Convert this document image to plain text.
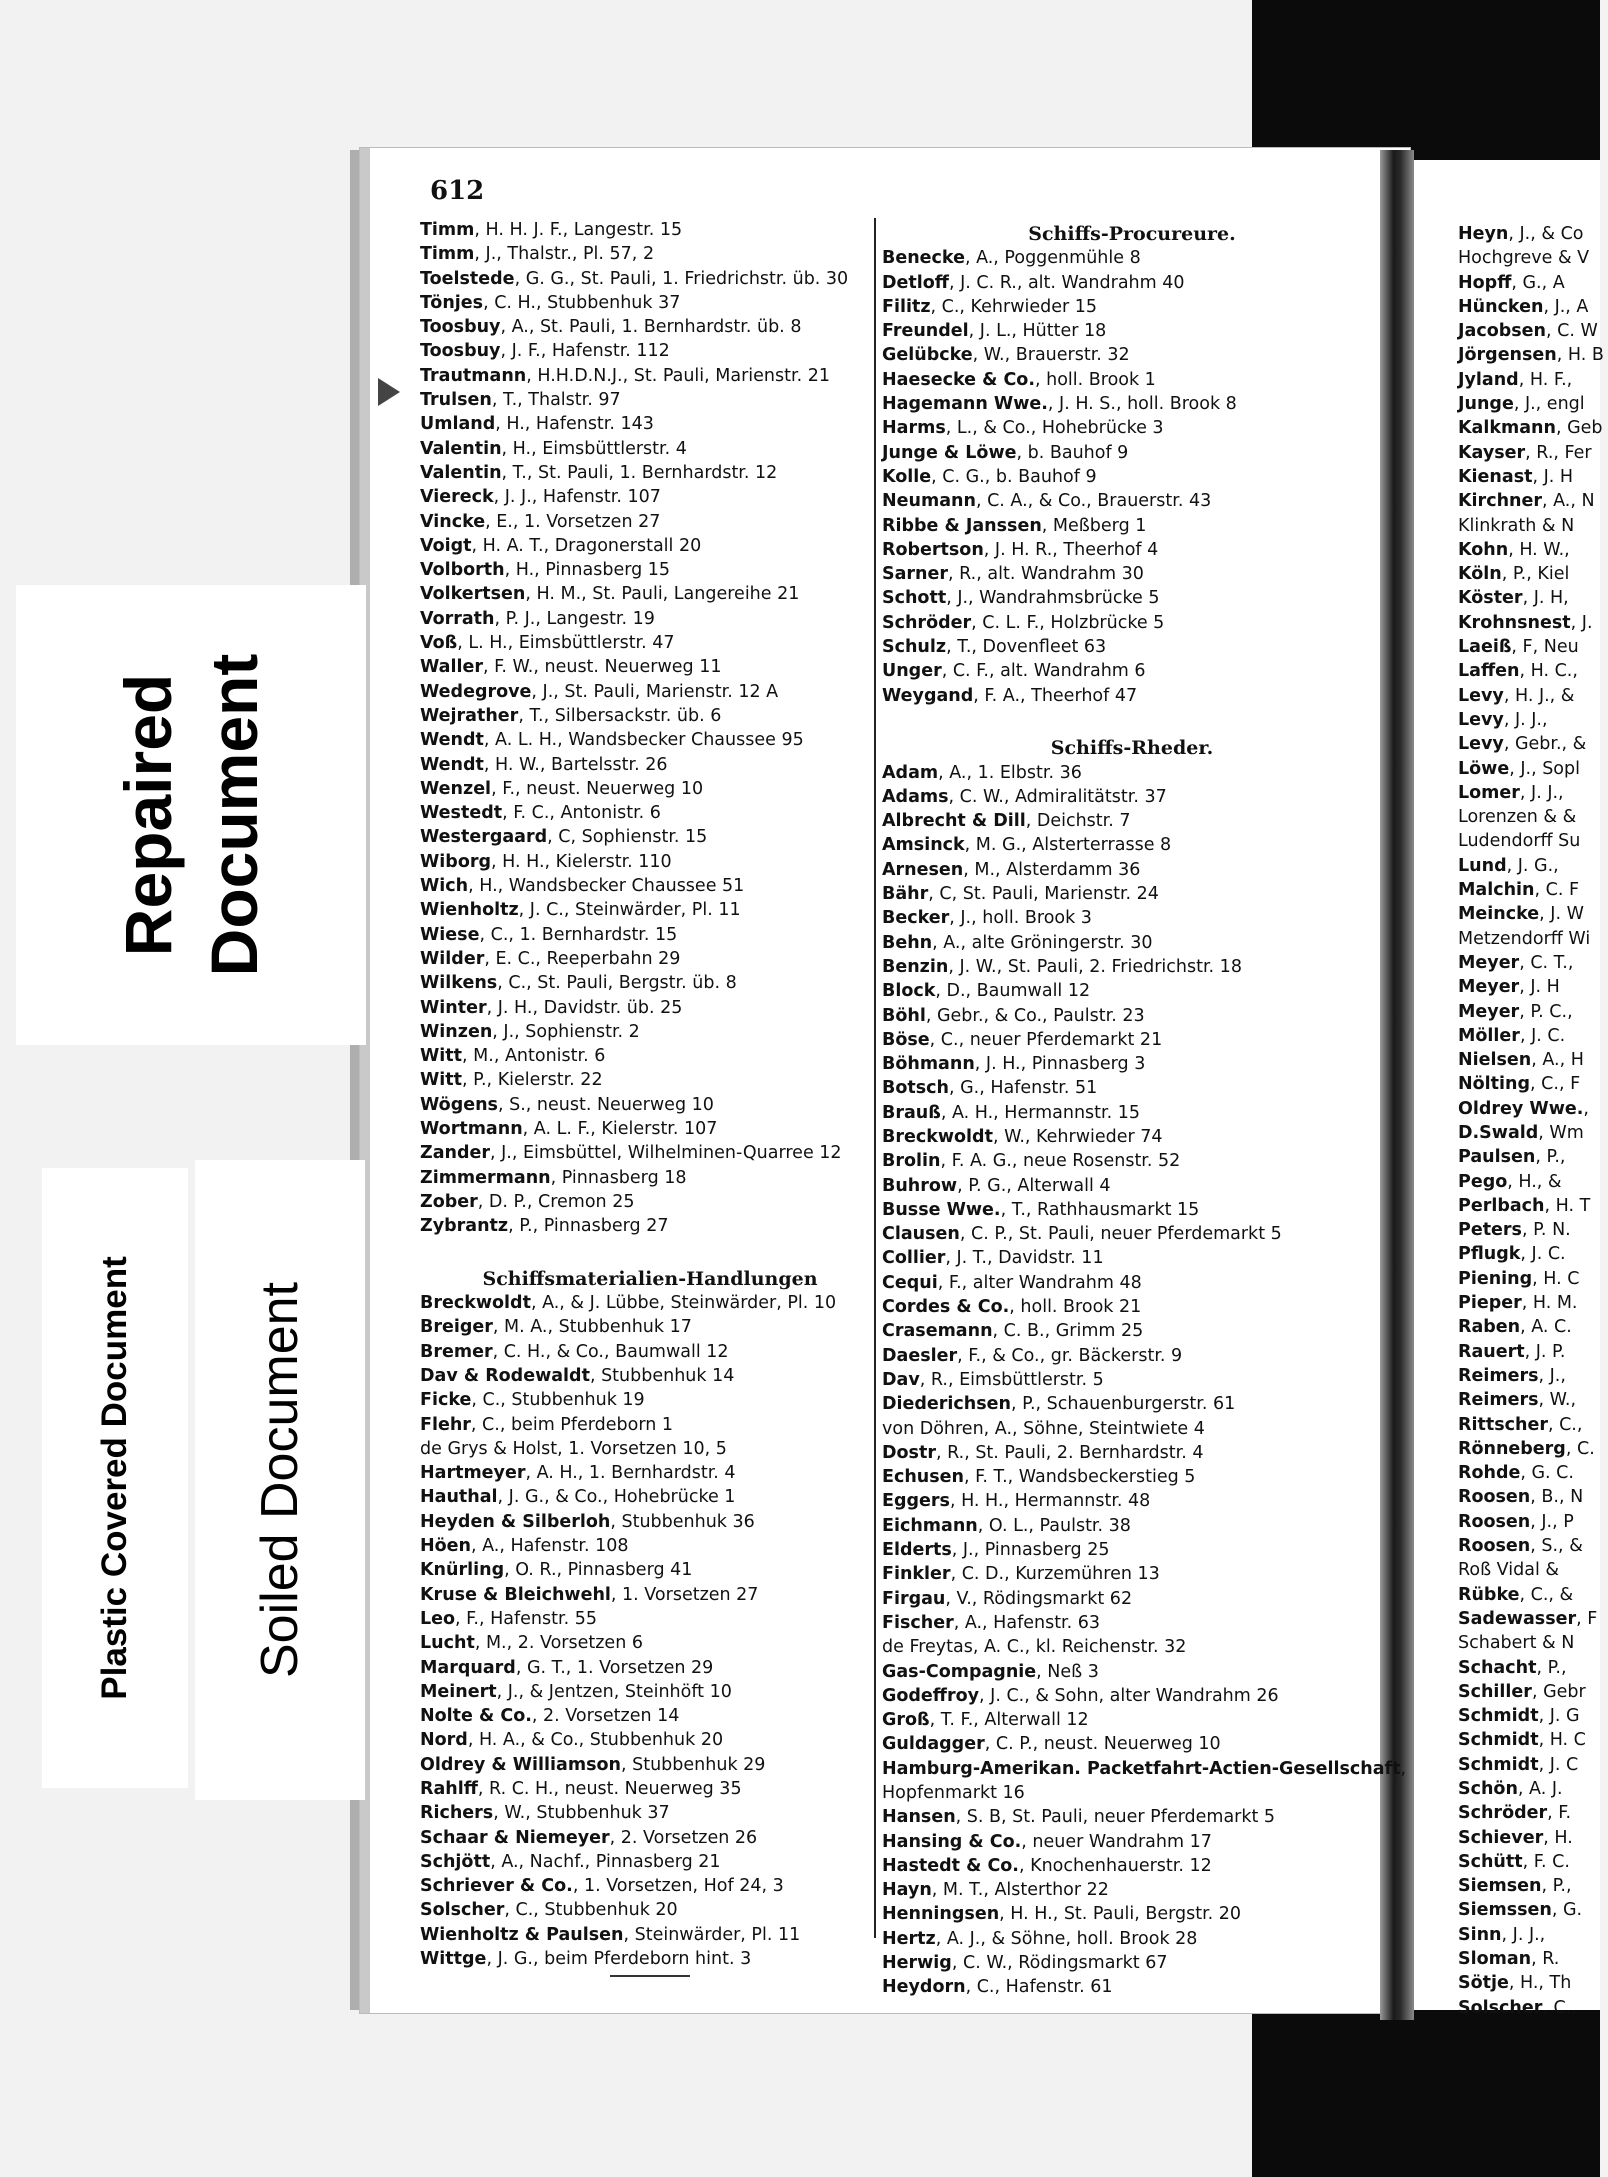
612
Timm, H. H. J. F., Langestr. 15
Timm, J., Thalstr., Pl. 57, 2
Toelstede, G. G., St. Pauli, 1. Friedrichstr. üb. 30
Tönjes, C. H., Stubbenhuk 37
Toosbuy, A., St. Pauli, 1. Bernhardstr. üb. 8
Toosbuy, J. F., Hafenstr. 112
Trautmann, H.H.D.N.J., St. Pauli, Marienstr. 21
Trulsen, T., Thalstr. 97
Umland, H., Hafenstr. 143
Valentin, H., Eimsbüttlerstr. 4
Valentin, T., St. Pauli, 1. Bernhardstr. 12
Viereck, J. J., Hafenstr. 107
Vincke, E., 1. Vorsetzen 27
Voigt, H. A. T., Dragonerstall 20
Volborth, H., Pinnasberg 15
Volkertsen, H. M., St. Pauli, Langereihe 21
Vorrath, P. J., Langestr. 19
Voß, L. H., Eimsbüttlerstr. 47
Waller, F. W., neust. Neuerweg 11
Wedegrove, J., St. Pauli, Marienstr. 12 A
Wejrather, T., Silbersackstr. üb. 6
Wendt, A. L. H., Wandsbecker Chaussee 95
Wendt, H. W., Bartelsstr. 26
Wenzel, F., neust. Neuerweg 10
Westedt, F. C., Antonistr. 6
Westergaard, C, Sophienstr. 15
Wiborg, H. H., Kielerstr. 110
Wich, H., Wandsbecker Chaussee 51
Wienholtz, J. C., Steinwärder, Pl. 11
Wiese, C., 1. Bernhardstr. 15
Wilder, E. C., Reeperbahn 29
Wilkens, C., St. Pauli, Bergstr. üb. 8
Winter, J. H., Davidstr. üb. 25
Winzen, J., Sophienstr. 2
Witt, M., Antonistr. 6
Witt, P., Kielerstr. 22
Wögens, S., neust. Neuerweg 10
Wortmann, A. L. F., Kielerstr. 107
Zander, J., Eimsbüttel, Wilhelminen-Quarree 12
Zimmermann, Pinnasberg 18
Zober, D. P., Cremon 25
Zybrantz, P., Pinnasberg 27
Schiffsmaterialien-Handlungen
Breckwoldt, A., & J. Lübbe, Steinwärder, Pl. 10
Breiger, M. A., Stubbenhuk 17
Bremer, C. H., & Co., Baumwall 12
Dav & Rodewaldt, Stubbenhuk 14
Ficke, C., Stubbenhuk 19
Flehr, C., beim Pferdeborn 1
de Grys & Holst, 1. Vorsetzen 10, 5
Hartmeyer, A. H., 1. Bernhardstr. 4
Hauthal, J. G., & Co., Hohebrücke 1
Heyden & Silberloh, Stubbenhuk 36
Höen, A., Hafenstr. 108
Knürling, O. R., Pinnasberg 41
Kruse & Bleichwehl, 1. Vorsetzen 27
Leo, F., Hafenstr. 55
Lucht, M., 2. Vorsetzen 6
Marquard, G. T., 1. Vorsetzen 29
Meinert, J., & Jentzen, Steinhöft 10
Nolte & Co., 2. Vorsetzen 14
Nord, H. A., & Co., Stubbenhuk 20
Oldrey & Williamson, Stubbenhuk 29
Rahlff, R. C. H., neust. Neuerweg 35
Richers, W., Stubbenhuk 37
Schaar & Niemeyer, 2. Vorsetzen 26
Schjött, A., Nachf., Pinnasberg 21
Schriever & Co., 1. Vorsetzen, Hof 24, 3
Solscher, C., Stubbenhuk 20
Wienholtz & Paulsen, Steinwärder, Pl. 11
Wittge, J. G., beim Pferdeborn hint. 3
Schiffs-Procureure.
Benecke, A., Poggenmühle 8
Detloff, J. C. R., alt. Wandrahm 40
Filitz, C., Kehrwieder 15
Freundel, J. L., Hütter 18
Gelübcke, W., Brauerstr. 32
Haesecke & Co., holl. Brook 1
Hagemann Wwe., J. H. S., holl. Brook 8
Harms, L., & Co., Hohebrücke 3
Junge & Löwe, b. Bauhof 9
Kolle, C. G., b. Bauhof 9
Neumann, C. A., & Co., Brauerstr. 43
Ribbe & Janssen, Meßberg 1
Robertson, J. H. R., Theerhof 4
Sarner, R., alt. Wandrahm 30
Schott, J., Wandrahmsbrücke 5
Schröder, C. L. F., Holzbrücke 5
Schulz, T., Dovenfleet 63
Unger, C. F., alt. Wandrahm 6
Weygand, F. A., Theerhof 47
Schiffs-Rheder.
Adam, A., 1. Elbstr. 36
Adams, C. W., Admiralitätstr. 37
Albrecht & Dill, Deichstr. 7
Amsinck, M. G., Alsterterrasse 8
Arnesen, M., Alsterdamm 36
Bähr, C, St. Pauli, Marienstr. 24
Becker, J., holl. Brook 3
Behn, A., alte Gröningerstr. 30
Benzin, J. W., St. Pauli, 2. Friedrichstr. 18
Block, D., Baumwall 12
Böhl, Gebr., & Co., Paulstr. 23
Böse, C., neuer Pferdemarkt 21
Böhmann, J. H., Pinnasberg 3
Botsch, G., Hafenstr. 51
Brauß, A. H., Hermannstr. 15
Breckwoldt, W., Kehrwieder 74
Brolin, F. A. G., neue Rosenstr. 52
Buhrow, P. G., Alterwall 4
Busse Wwe., T., Rathhausmarkt 15
Clausen, C. P., St. Pauli, neuer Pferdemarkt 5
Collier, J. T., Davidstr. 11
Cequi, F., alter Wandrahm 48
Cordes & Co., holl. Brook 21
Crasemann, C. B., Grimm 25
Daesler, F., & Co., gr. Bäckerstr. 9
Dav, R., Eimsbüttlerstr. 5
Diederichsen, P., Schauenburgerstr. 61
von Döhren, A., Söhne, Steintwiete 4
Dostr, R., St. Pauli, 2. Bernhardstr. 4
Echusen, F. T., Wandsbeckerstieg 5
Eggers, H. H., Hermannstr. 48
Eichmann, O. L., Paulstr. 38
Elderts, J., Pinnasberg 25
Finkler, C. D., Kurzemühren 13
Firgau, V., Rödingsmarkt 62
Fischer, A., Hafenstr. 63
de Freytas, A. C., kl. Reichenstr. 32
Gas-Compagnie, Neß 3
Godeffroy, J. C., & Sohn, alter Wandrahm 26
Groß, T. F., Alterwall 12
Guldagger, C. P., neust. Neuerweg 10
Hamburg-Amerikan. Packetfahrt-Actien-Gesellschaft
Hopfenmarkt 16
Hansen, S. B, St. Pauli, neuer Pferdemarkt 5
Hansing & Co., neuer Wandrahm 17
Hastedt & Co., Knochenhauerstr. 12
Hayn, M. T., Alsterthor 22
Henningsen, H. H., St. Pauli, Bergstr. 20
Hertz, A. J., & Söhne, holl. Brook 28
Herwig, C. W., Rödingsmarkt 67
Heydorn, C., Hafenstr. 61
Heyn, J., & Co
Hochgreve & V
Hopff, G., A
Hüncken, J., A
Jacobsen, C. W
Jörgensen, H. B
Jyland, H. F.,
Junge, J., engl
Kalkmann, Geb
Kayser, R., Fer
Kienast, J. H
Kirchner, A., N
Klinkrath & N
Kohn, H. W.,
Köln, P., Kiel
Köster, J. H,
Krohnsnest, J.
Laeiß, F, Neu
Laffen, H. C.,
Levy, H. J., &
Levy, J. J.,
Levy, Gebr., &
Löwe, J., Sopl
Lomer, J. J.,
Lorenzen & &
Ludendorff Su
Lund, J. G.,
Malchin, C. F
Meincke, J. W
Metzendorff Wi
Meyer, C. T.,
Meyer, J. H
Meyer, P. C.,
Möller, J. C.
Nielsen, A., H
Nölting, C., F
Oldrey Wwe.,
D.Swald, Wm
Paulsen, P.,
Pego, H., &
Perlbach, H. T
Peters, P. N.
Pflugk, J. C.
Piening, H. C
Pieper, H. M.
Raben, A. C.
Rauert, J. P.
Reimers, J.,
Reimers, W.,
Rittscher, C.,
Rönneberg, C.
Rohde, G. C.
Roosen, B., N
Roosen, J., P
Roosen, S., &
Roß Vidal &
Rübke, C., &
Sadewasser, F
Schabert & N
Schacht, P.,
Schiller, Gebr
Schmidt, J. G
Schmidt, H. C
Schmidt, J. C
Schön, A. J.
Schröder, F.
Schiever, H.
Schütt, F. C.
Siemsen, P.,
Siemssen, G.
Sinn, J. J.,
Sloman, R.
Sötje, H., Th
Solscher, C.,
Repaired Document
Plastic Covered Document Soiled Document
